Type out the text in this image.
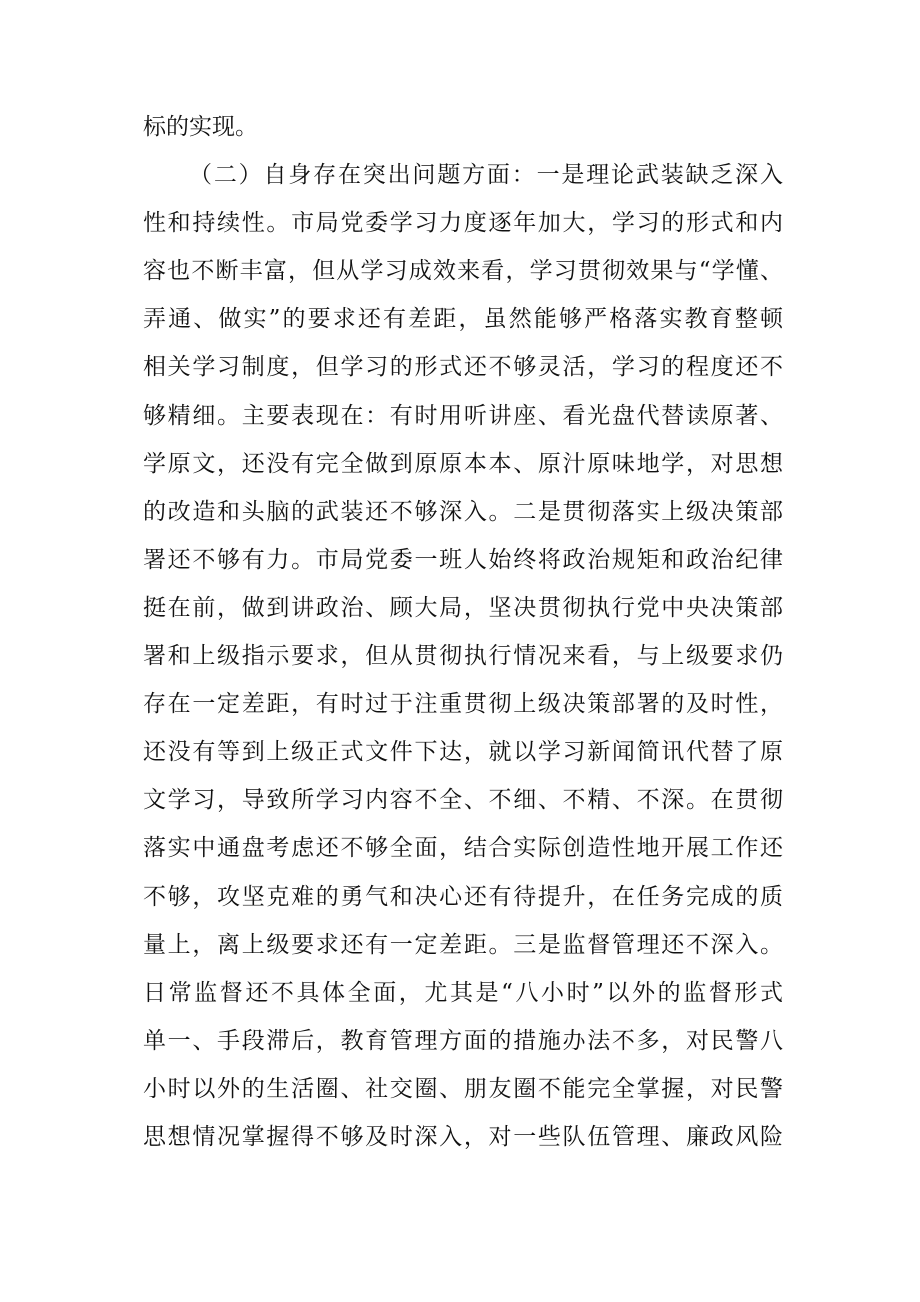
标的实现。
（二）自身存在突出问题方面：一是理论武装缺乏深入
性和持续性。市局党委学习力度逐年加大，学习的形式和内
容也不断丰富，但从学习成效来看，学习贯彻效果与“学懂、
弄通、做实”的要求还有差距，虽然能够严格落实教育整顿
相关学习制度，但学习的形式还不够灵活，学习的程度还不
够精细。主要表现在：有时用听讲座、看光盘代替读原著、
学原文，还没有完全做到原原本本、原汁原味地学，对思想
的改造和头脑的武装还不够深入。二是贯彻落实上级决策部
署还不够有力。市局党委一班人始终将政治规矩和政治纪律
挺在前，做到讲政治、顾大局，坚决贯彻执行党中央决策部
署和上级指示要求，但从贯彻执行情况来看，与上级要求仍
存在一定差距，有时过于注重贯彻上级决策部署的及时性，
还没有等到上级正式文件下达，就以学习新闻简讯代替了原
文学习，导致所学习内容不全、不细、不精、不深。在贯彻
落实中通盘考虑还不够全面，结合实际创造性地开展工作还
不够，攻坚克难的勇气和决心还有待提升，在任务完成的质
量上，离上级要求还有一定差距。三是监督管理还不深入。
日常监督还不具体全面，尤其是“八小时”以外的监督形式
单一、手段滞后，教育管理方面的措施办法不多，对民警八
小时以外的生活圈、社交圈、朋友圈不能完全掌握，对民警
思想情况掌握得不够及时深入，对一些队伍管理、廉政风险
